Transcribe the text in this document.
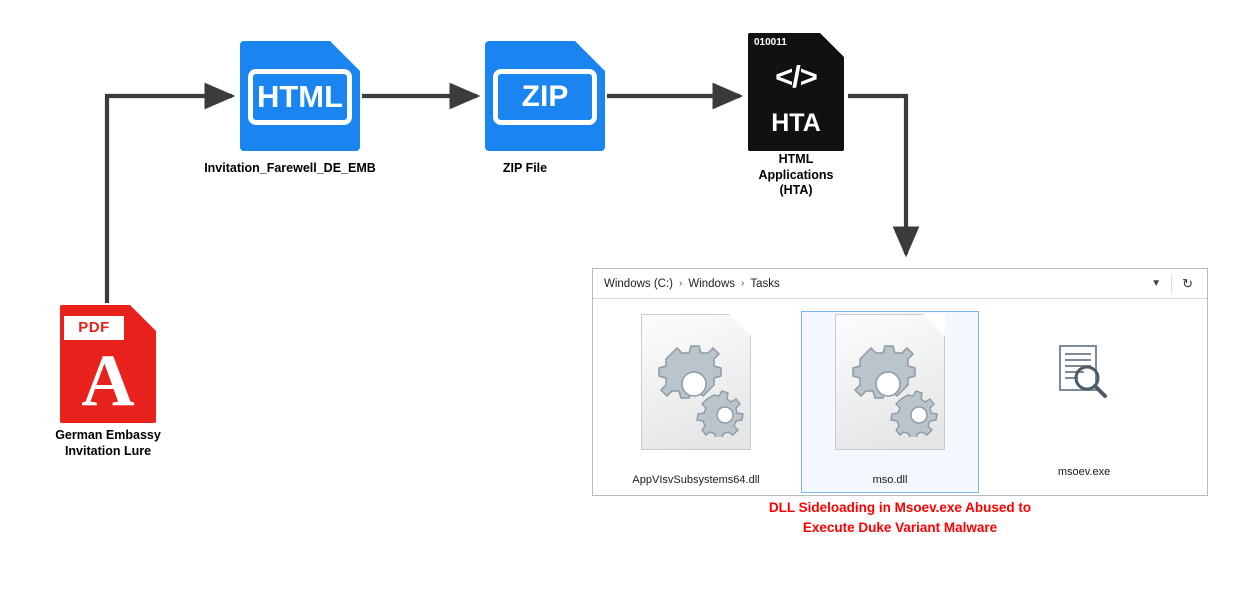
PDF
A
German Embassy
Invitation Lure
HTML
Invitation_Farewell_DE_EMB
ZIP
ZIP File
010011
</>
HTA
HTML
Applications
(HTA)
Windows (C:) › Windows › Tasks	▼	↻
AppVIsvSubsystems64.dll	mso.dll
msoev.exe
DLL Sideloading in Msoev.exe Abused to
Execute Duke Variant Malware
